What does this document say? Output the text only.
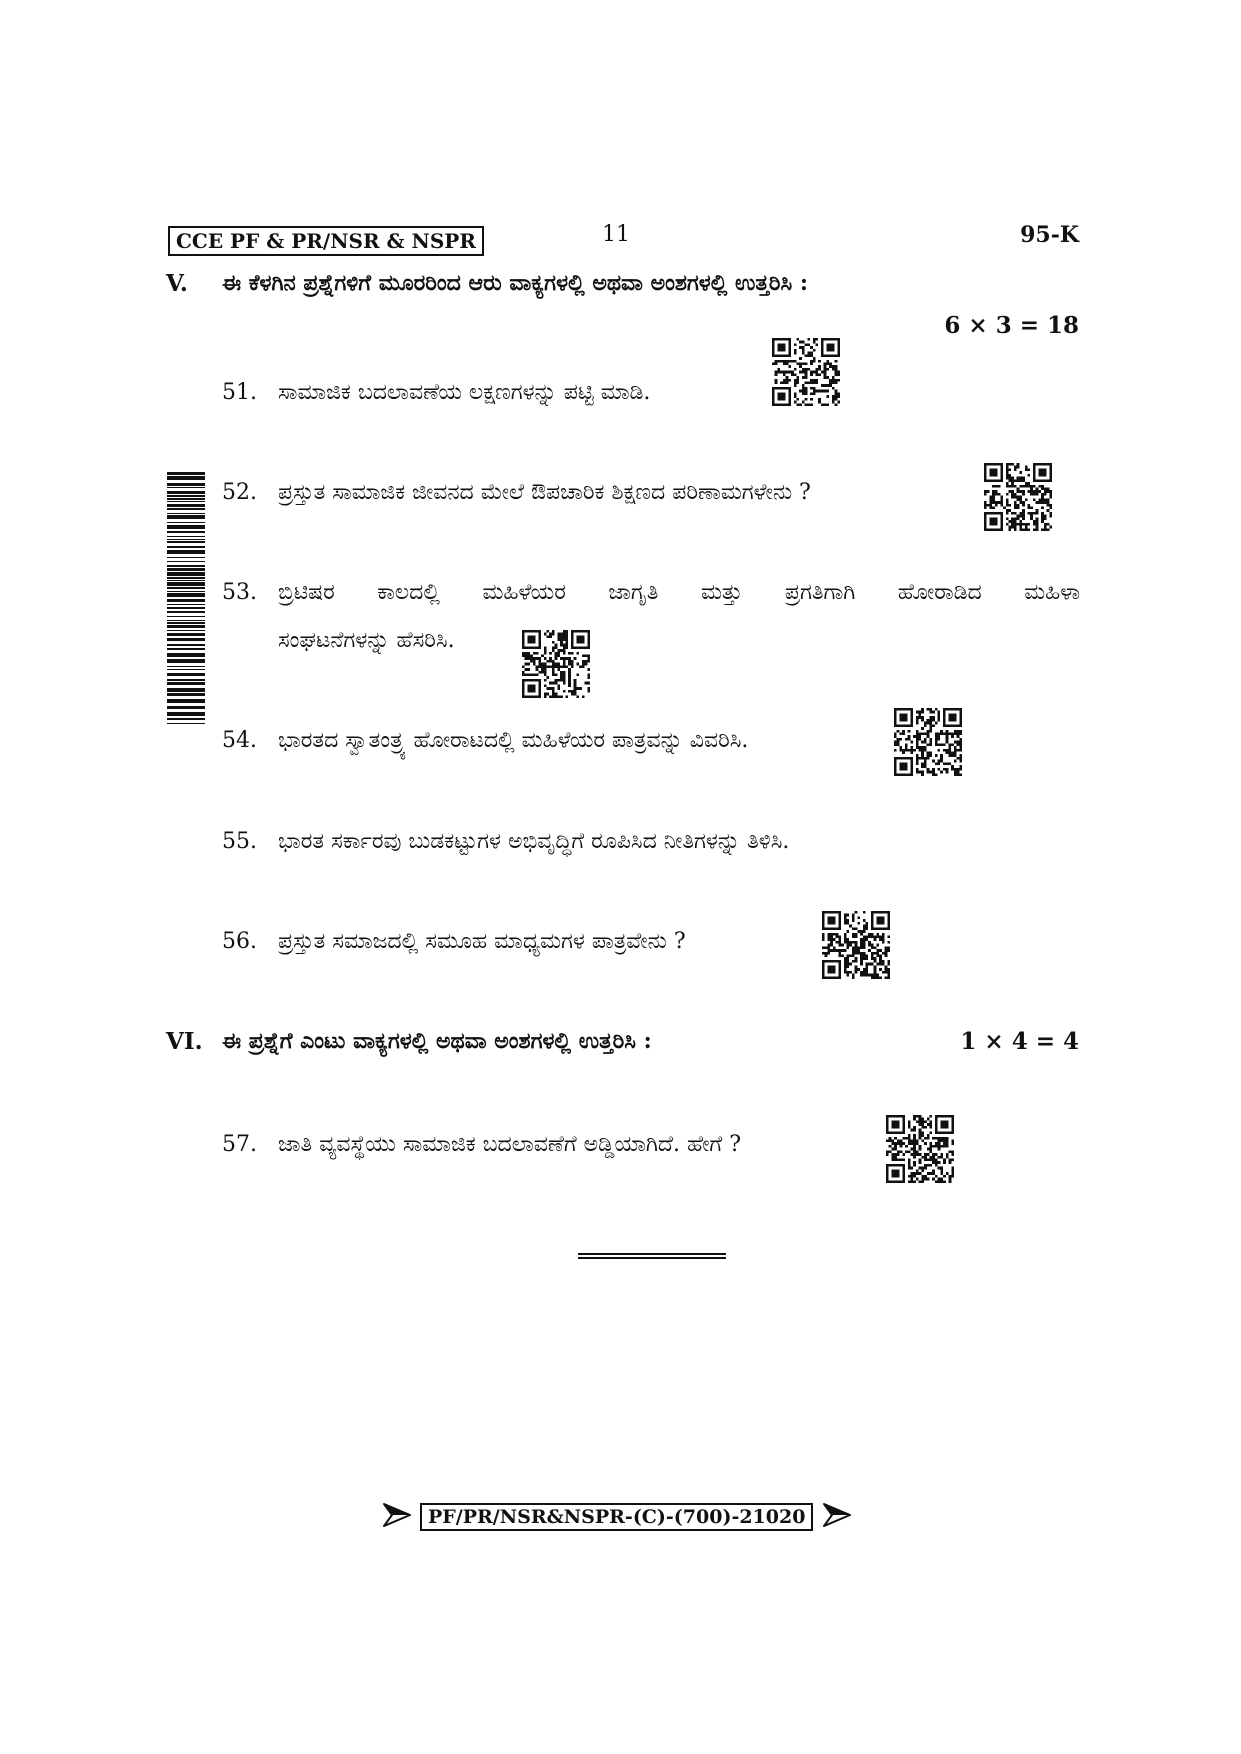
CCE PF & PR/NSR & NSPR	11	95-K
V. ಈ ಕೆಳಗಿನ ಪ್ರಶ್ನೆಗಳಿಗೆ ಮೂರರಿಂದ ಆರು ವಾಕ್ಯಗಳಲ್ಲಿ ಅಥವಾ ಅಂಶಗಳಲ್ಲಿ ಉತ್ತರಿಸಿ :
6 × 3 = 18
51. ಸಾಮಾಜಿಕ ಬದಲಾವಣೆಯ ಲಕ್ಷಣಗಳನ್ನು ಪಟ್ಟಿ ಮಾಡಿ.
52. ಪ್ರಸ್ತುತ ಸಾಮಾಜಿಕ ಜೀವನದ ಮೇಲೆ ಔಪಚಾರಿಕ ಶಿಕ್ಷಣದ ಪರಿಣಾಮಗಳೇನು ?
53. ಬ್ರಿಟಿಷರ ಕಾಲದಲ್ಲಿ ಮಹಿಳೆಯರ ಜಾಗೃತಿ ಮತ್ತು ಪ್ರಗತಿಗಾಗಿ ಹೋರಾಡಿದ ಮಹಿಳಾ
ಸಂಘಟನೆಗಳನ್ನು ಹೆಸರಿಸಿ.
54. ಭಾರತದ ಸ್ವಾತಂತ್ರ್ಯ ಹೋರಾಟದಲ್ಲಿ ಮಹಿಳೆಯರ ಪಾತ್ರವನ್ನು ವಿವರಿಸಿ.
55. ಭಾರತ ಸರ್ಕಾರವು ಬುಡಕಟ್ಟುಗಳ ಅಭಿವೃದ್ಧಿಗೆ ರೂಪಿಸಿದ ನೀತಿಗಳನ್ನು ತಿಳಿಸಿ.
56. ಪ್ರಸ್ತುತ ಸಮಾಜದಲ್ಲಿ ಸಮೂಹ ಮಾಧ್ಯಮಗಳ ಪಾತ್ರವೇನು ?
VI. ಈ ಪ್ರಶ್ನೆಗೆ ಎಂಟು ವಾಕ್ಯಗಳಲ್ಲಿ ಅಥವಾ ಅಂಶಗಳಲ್ಲಿ ಉತ್ತರಿಸಿ :	1 × 4 = 4
57. ಜಾತಿ ವ್ಯವಸ್ಥೆಯು ಸಾಮಾಜಿಕ ಬದಲಾವಣೆಗೆ ಅಡ್ಡಿಯಾಗಿದೆ. ಹೇಗೆ ?
PF/PR/NSR&NSPR-(C)-(700)-21020
